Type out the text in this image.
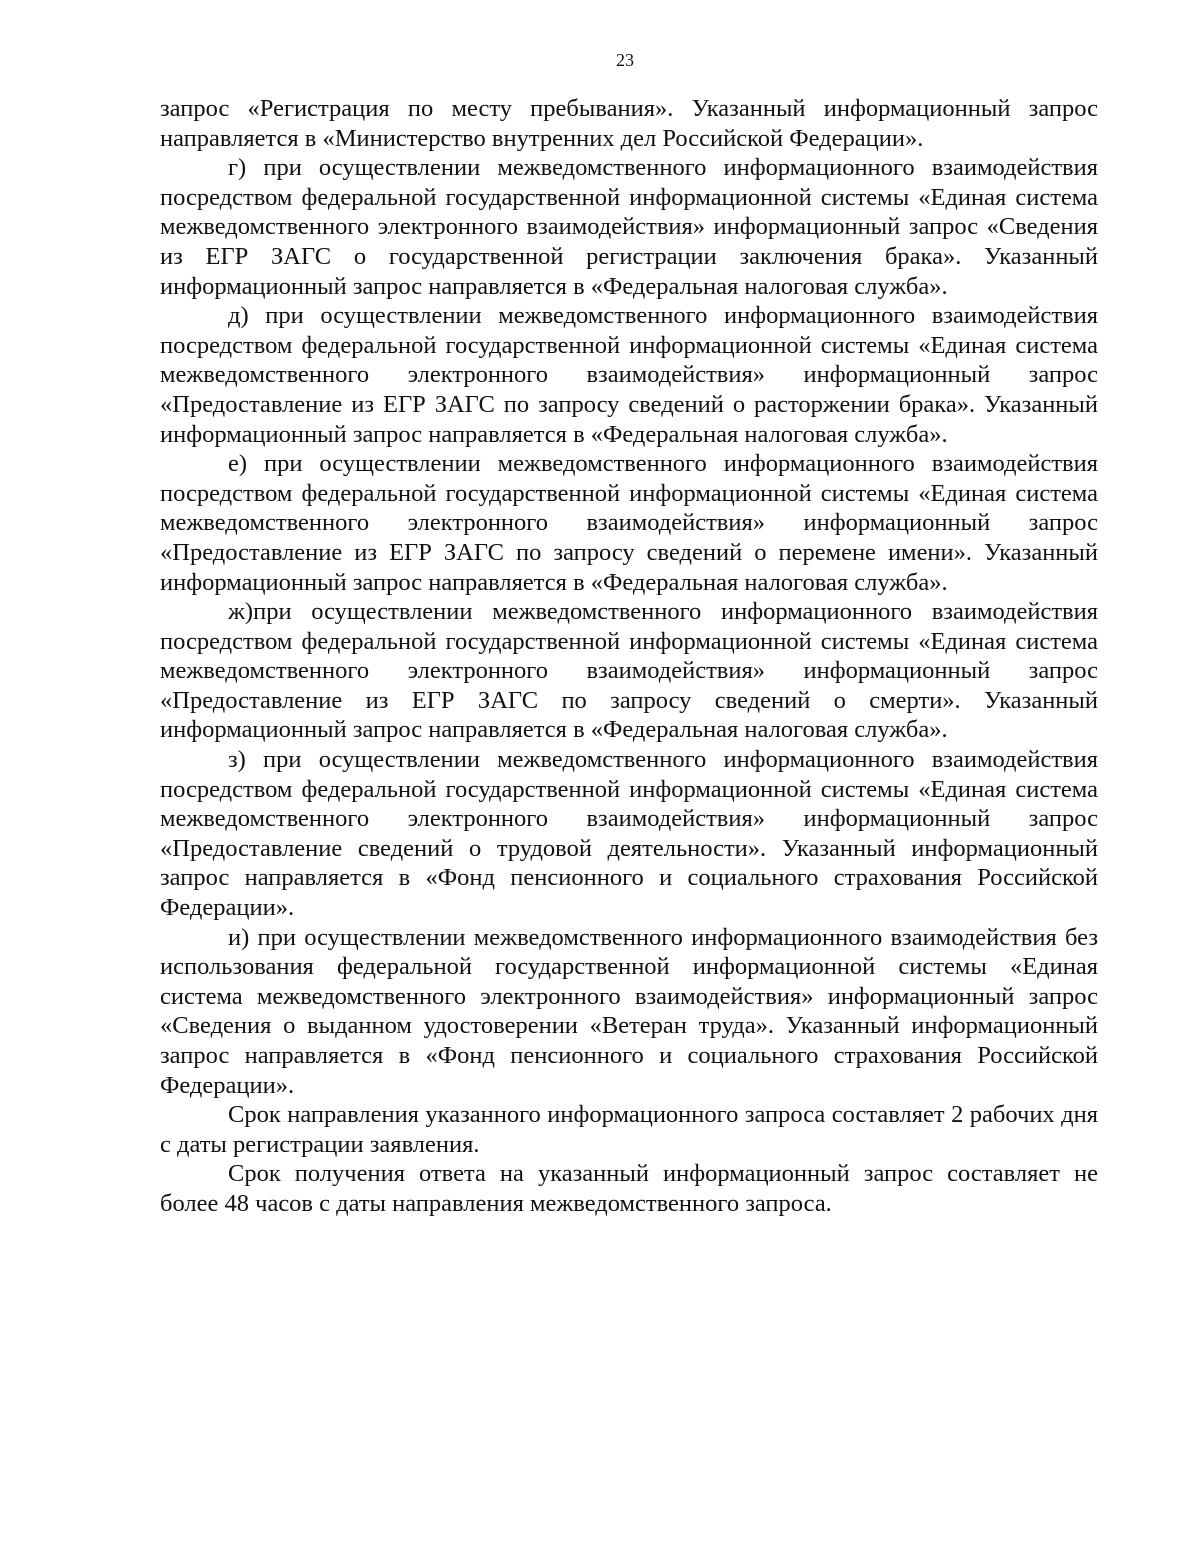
23

запрос «Регистрация по месту пребывания». Указанный информационный запрос направляется в «Министерство внутренних дел Российской Федерации».

г) при осуществлении межведомственного информационного взаимодействия посредством федеральной государственной информационной системы «Единая система межведомственного электронного взаимодействия» информационный запрос «Сведения из ЕГР ЗАГС о государственной регистрации заключения брака». Указанный информационный запрос направляется в «Федеральная налоговая служба».

д) при осуществлении межведомственного информационного взаимодействия посредством федеральной государственной информационной системы «Единая система межведомственного электронного взаимодействия» информационный запрос «Предоставление из ЕГР ЗАГС по запросу сведений о расторжении брака». Указанный информационный запрос направляется в «Федеральная налоговая служба».

е) при осуществлении межведомственного информационного взаимодействия посредством федеральной государственной информационной системы «Единая система межведомственного электронного взаимодействия» информационный запрос «Предоставление из ЕГР ЗАГС по запросу сведений о перемене имени». Указанный информационный запрос направляется в «Федеральная налоговая служба».

ж)при осуществлении межведомственного информационного взаимодействия посредством федеральной государственной информационной системы «Единая система межведомственного электронного взаимодействия» информационный запрос «Предоставление из ЕГР ЗАГС по запросу сведений о смерти». Указанный информационный запрос направляется в «Федеральная налоговая служба».

з) при осуществлении межведомственного информационного взаимодействия посредством федеральной государственной информационной системы «Единая система межведомственного электронного взаимодействия» информационный запрос «Предоставление сведений о трудовой деятельности». Указанный информационный запрос направляется в «Фонд пенсионного и социального страхования Российской Федерации».

и) при осуществлении межведомственного информационного взаимодействия без использования федеральной государственной информационной системы «Единая система межведомственного электронного взаимодействия» информационный запрос «Сведения о выданном удостоверении «Ветеран труда». Указанный информационный запрос направляется в «Фонд пенсионного и социального страхования Российской Федерации».

Срок направления указанного информационного запроса составляет 2 рабочих дня с даты регистрации заявления.

Срок получения ответа на указанный информационный запрос составляет не более 48 часов с даты направления межведомственного запроса.
